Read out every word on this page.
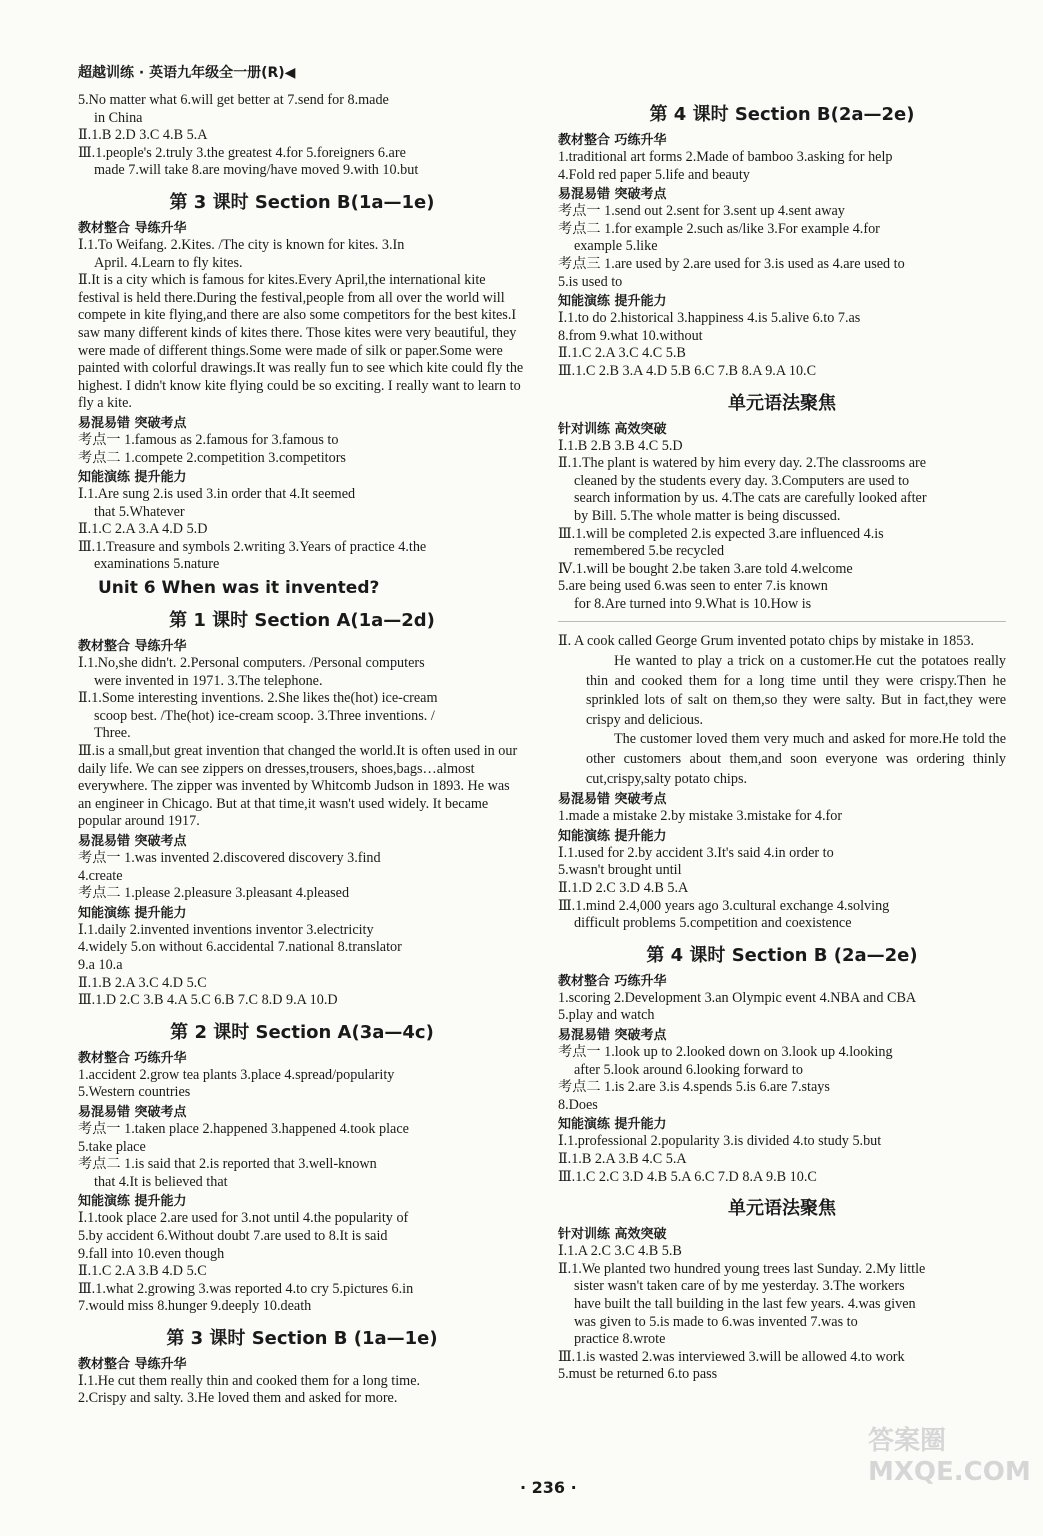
超越训练 · 英语九年级全一册(R)◀
5.No matter what 6.will get better at 7.send for 8.made
in China
Ⅱ.1.B 2.D 3.C 4.B 5.A
Ⅲ.1.people's 2.truly 3.the greatest 4.for 5.foreigners 6.are
made 7.will take 8.are moving/have moved 9.with 10.but
第 3 课时 Section B(1a—1e)
教材整合 导练升华
Ⅰ.1.To Weifang. 2.Kites. /The city is known for kites. 3.In
April. 4.Learn to fly kites.
Ⅱ.It is a city which is famous for kites.Every April,the international kite festival is held there.During the festival,people from all over the world will compete in kite flying,and there are also some competitors for the best kites.I saw many different kinds of kites there. Those kites were very beautiful, they were made of different things.Some were made of silk or paper.Some were painted with colorful drawings.It was really fun to see which kite could fly the highest. I didn't know kite flying could be so exciting. I really want to learn to fly a kite.
易混易错 突破考点
考点一 1.famous as 2.famous for 3.famous to
考点二 1.compete 2.competition 3.competitors
知能演练 提升能力
Ⅰ.1.Are sung 2.is used 3.in order that 4.It seemed
that 5.Whatever
Ⅱ.1.C 2.A 3.A 4.D 5.D
Ⅲ.1.Treasure and symbols 2.writing 3.Years of practice 4.the
examinations 5.nature
Unit 6 When was it invented?
第 1 课时 Section A(1a—2d)
教材整合 导练升华
Ⅰ.1.No,she didn't. 2.Personal computers. /Personal computers
were invented in 1971. 3.The telephone.
Ⅱ.1.Some interesting inventions. 2.She likes the(hot) ice-cream
scoop best. /The(hot) ice-cream scoop. 3.Three inventions. /
Three.
Ⅲ.is a small,but great invention that changed the world.It is often used in our daily life. We can see zippers on dresses,trousers, shoes,bags…almost everywhere. The zipper was invented by Whitcomb Judson in 1893. He was an engineer in Chicago. But at that time,it wasn't used widely. It became popular around 1917.
易混易错 突破考点
考点一 1.was invented 2.discovered discovery 3.find
4.create
考点二 1.please 2.pleasure 3.pleasant 4.pleased
知能演练 提升能力
Ⅰ.1.daily 2.invented inventions inventor 3.electricity
4.widely 5.on without 6.accidental 7.national 8.translator
9.a 10.a
Ⅱ.1.B 2.A 3.C 4.D 5.C
Ⅲ.1.D 2.C 3.B 4.A 5.C 6.B 7.C 8.D 9.A 10.D
第 2 课时 Section A(3a—4c)
教材整合 巧练升华
1.accident 2.grow tea plants 3.place 4.spread/popularity
5.Western countries
易混易错 突破考点
考点一 1.taken place 2.happened 3.happened 4.took place
5.take place
考点二 1.is said that 2.is reported that 3.well-known
that 4.It is believed that
知能演练 提升能力
Ⅰ.1.took place 2.are used for 3.not until 4.the popularity of
5.by accident 6.Without doubt 7.are used to 8.It is said
9.fall into 10.even though
Ⅱ.1.C 2.A 3.B 4.D 5.C
Ⅲ.1.what 2.growing 3.was reported 4.to cry 5.pictures 6.in
7.would miss 8.hunger 9.deeply 10.death
第 3 课时 Section B (1a—1e)
教材整合 导练升华
Ⅰ.1.He cut them really thin and cooked them for a long time.
2.Crispy and salty. 3.He loved them and asked for more.
第 4 课时 Section B(2a—2e)
教材整合 巧练升华
1.traditional art forms 2.Made of bamboo 3.asking for help
4.Fold red paper 5.life and beauty
易混易错 突破考点
考点一 1.send out 2.sent for 3.sent up 4.sent away
考点二 1.for example 2.such as/like 3.For example 4.for
example 5.like
考点三 1.are used by 2.are used for 3.is used as 4.are used to
5.is used to
知能演练 提升能力
Ⅰ.1.to do 2.historical 3.happiness 4.is 5.alive 6.to 7.as
8.from 9.what 10.without
Ⅱ.1.C 2.A 3.C 4.C 5.B
Ⅲ.1.C 2.B 3.A 4.D 5.B 6.C 7.B 8.A 9.A 10.C
单元语法聚焦
针对训练 高效突破
Ⅰ.1.B 2.B 3.B 4.C 5.D
Ⅱ.1.The plant is watered by him every day. 2.The classrooms are
cleaned by the students every day. 3.Computers are used to
search information by us. 4.The cats are carefully looked after
by Bill. 5.The whole matter is being discussed.
Ⅲ.1.will be completed 2.is expected 3.are influenced 4.is
remembered 5.be recycled
Ⅳ.1.will be bought 2.be taken 3.are told 4.welcome
5.are being used 6.was seen to enter 7.is known
for 8.Are turned into 9.What is 10.How is
Ⅱ. A cook called George Grum invented potato chips by mistake in 1853.
He wanted to play a trick on a customer.He cut the potatoes really thin and cooked them for a long time until they were crispy.Then he sprinkled lots of salt on them,so they were salty. But in fact,they were crispy and delicious.
The customer loved them very much and asked for more.He told the other customers about them,and soon everyone was ordering thinly cut,crispy,salty potato chips.
易混易错 突破考点
1.made a mistake 2.by mistake 3.mistake for 4.for
知能演练 提升能力
Ⅰ.1.used for 2.by accident 3.It's said 4.in order to
5.wasn't brought until
Ⅱ.1.D 2.C 3.D 4.B 5.A
Ⅲ.1.mind 2.4,000 years ago 3.cultural exchange 4.solving
difficult problems 5.competition and coexistence
第 4 课时 Section B (2a—2e)
教材整合 巧练升华
1.scoring 2.Development 3.an Olympic event 4.NBA and CBA
5.play and watch
易混易错 突破考点
考点一 1.look up to 2.looked down on 3.look up 4.looking
after 5.look around 6.looking forward to
考点二 1.is 2.are 3.is 4.spends 5.is 6.are 7.stays
8.Does
知能演练 提升能力
Ⅰ.1.professional 2.popularity 3.is divided 4.to study 5.but
Ⅱ.1.B 2.A 3.B 4.C 5.A
Ⅲ.1.C 2.C 3.D 4.B 5.A 6.C 7.D 8.A 9.B 10.C
单元语法聚焦
针对训练 高效突破
Ⅰ.1.A 2.C 3.C 4.B 5.B
Ⅱ.1.We planted two hundred young trees last Sunday. 2.My little
sister wasn't taken care of by me yesterday. 3.The workers
have built the tall building in the last few years. 4.was given
was given to 5.is made to 6.was invented 7.was to
practice 8.wrote
Ⅲ.1.is wasted 2.was interviewed 3.will be allowed 4.to work
5.must be returned 6.to pass
· 236 ·
答案圈 MXQE.COM
